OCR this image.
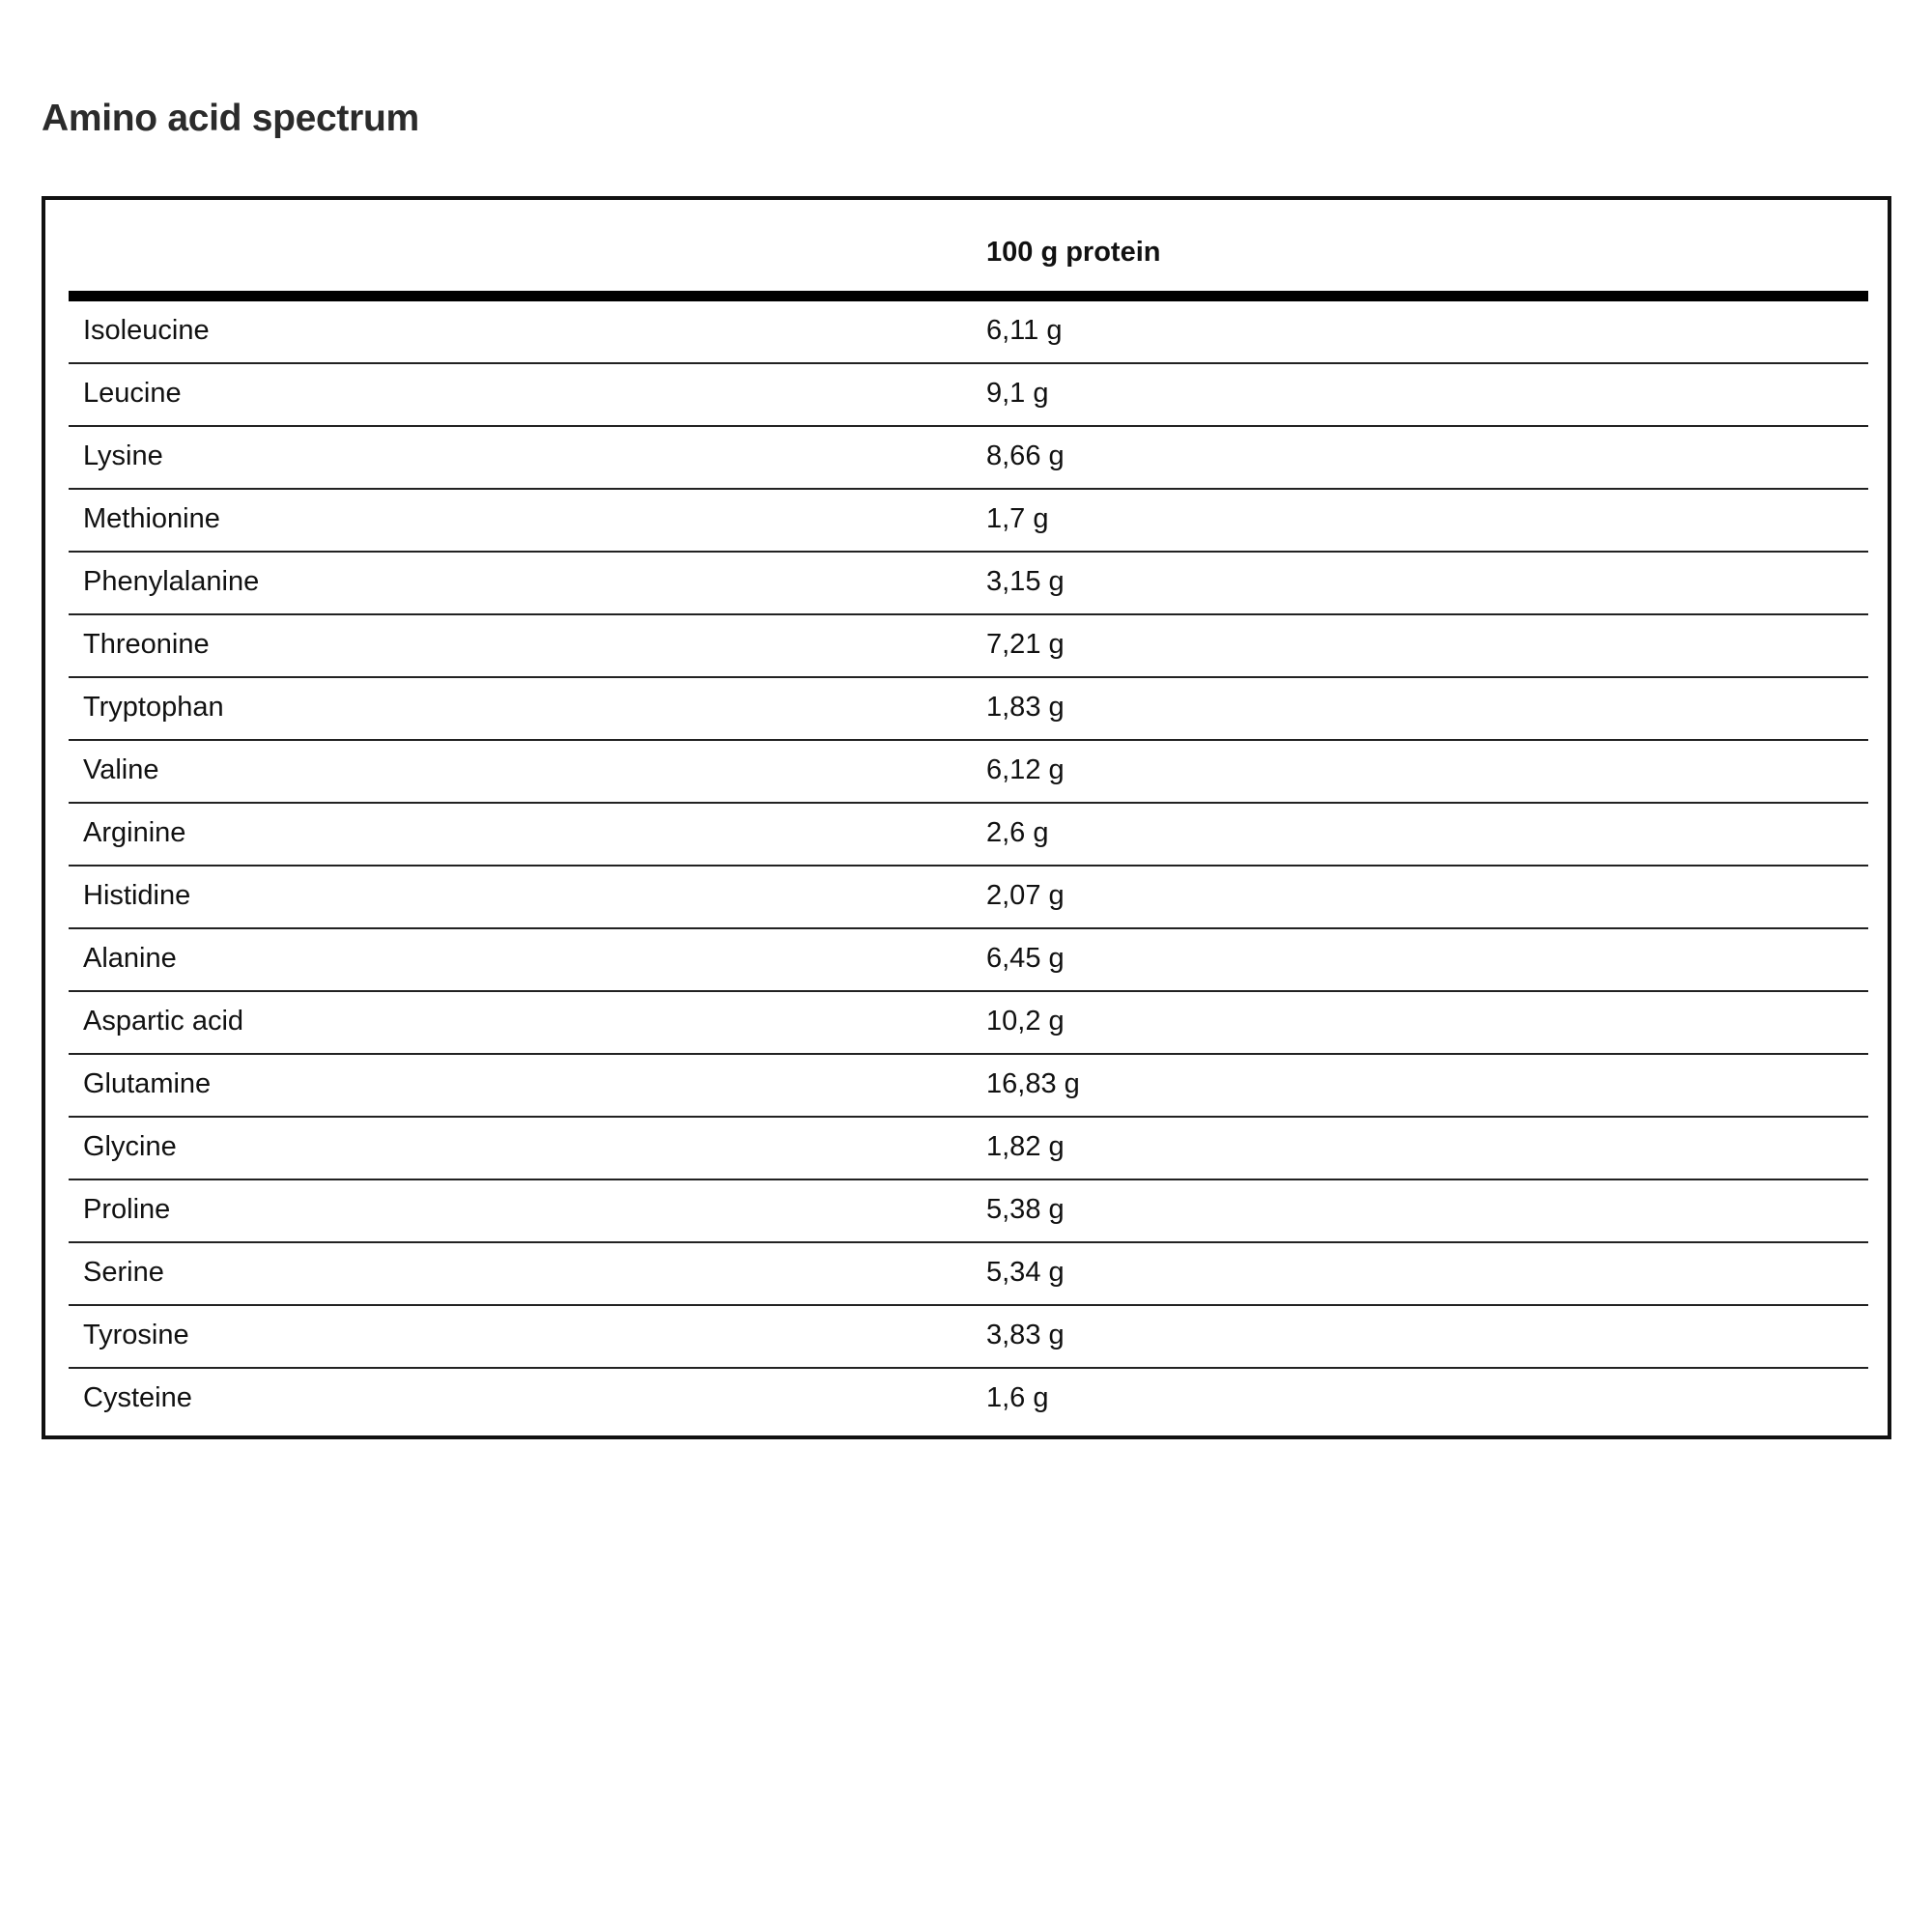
Amino acid spectrum
100 g protein
Isoleucine	6,11 g
Leucine	9,1 g
Lysine	8,66 g
Methionine	1,7 g
Phenylalanine	3,15 g
Threonine	7,21 g
Tryptophan	1,83 g
Valine	6,12 g
Arginine	2,6 g
Histidine	2,07 g
Alanine	6,45 g
Aspartic acid	10,2 g
Glutamine	16,83 g
Glycine	1,82 g
Proline	5,38 g
Serine	5,34 g
Tyrosine	3,83 g
Cysteine	1,6 g
